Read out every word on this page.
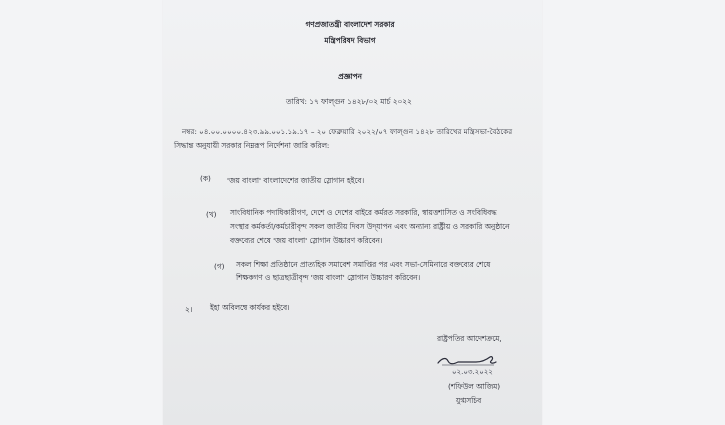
গণপ্রজাতন্ত্রী বাংলাদেশ সরকার
মন্ত্রিপরিষদ বিভাগ
প্রজ্ঞাপন
তারিখ: ১৭ ফাল্গুন ১৪২৮/০২ মার্চ ২০২২
নম্বর: ০৪.০০.০০০০.৪২৩.৯৯.০০১.১৯.১৭ – ২০ ফেব্রুয়ারি ২০২২/০৭ ফাল্গুন ১৪২৮ তারিখের মন্ত্রিসভা-বৈঠকের
সিদ্ধান্ত অনুযায়ী সরকার নিম্নরূপ নির্দেশনা জারি করিল:
(ক) 'জয় বাংলা' বাংলাদেশের জাতীয় স্লোগান হইবে।
(খ) সাংবিধানিক পদাধিকারীগণ, দেশে ও দেশের বাইরে কর্মরত সরকারি, স্বায়ত্তশাসিত ও সংবিধিবদ্ধ
সংস্থার কর্মকর্তা/কর্মচারীবৃন্দ সকল জাতীয় দিবস উদ্‌যাপন এবং অন্যান্য রাষ্ট্রীয় ও সরকারি অনুষ্ঠানে
বক্তব্যের শেষে 'জয় বাংলা' স্লোগান উচ্চারণ করিবেন।
(গ) সকল শিক্ষা প্রতিষ্ঠানে প্রাত্যহিক সমাবেশ সমাপ্তির পর এবং সভা-সেমিনারে বক্তব্যের শেষে
শিক্ষকগণ ও ছাত্রছাত্রীবৃন্দ 'জয় বাংলা' স্লোগান উচ্চারণ করিবেন।
২। ইহা অবিলম্বে কার্যকর হইবে।
রাষ্ট্রপতির আদেশক্রমে,
০২.০৩.২০২২
(শফিউল আজিম)
যুগ্মসচিব
